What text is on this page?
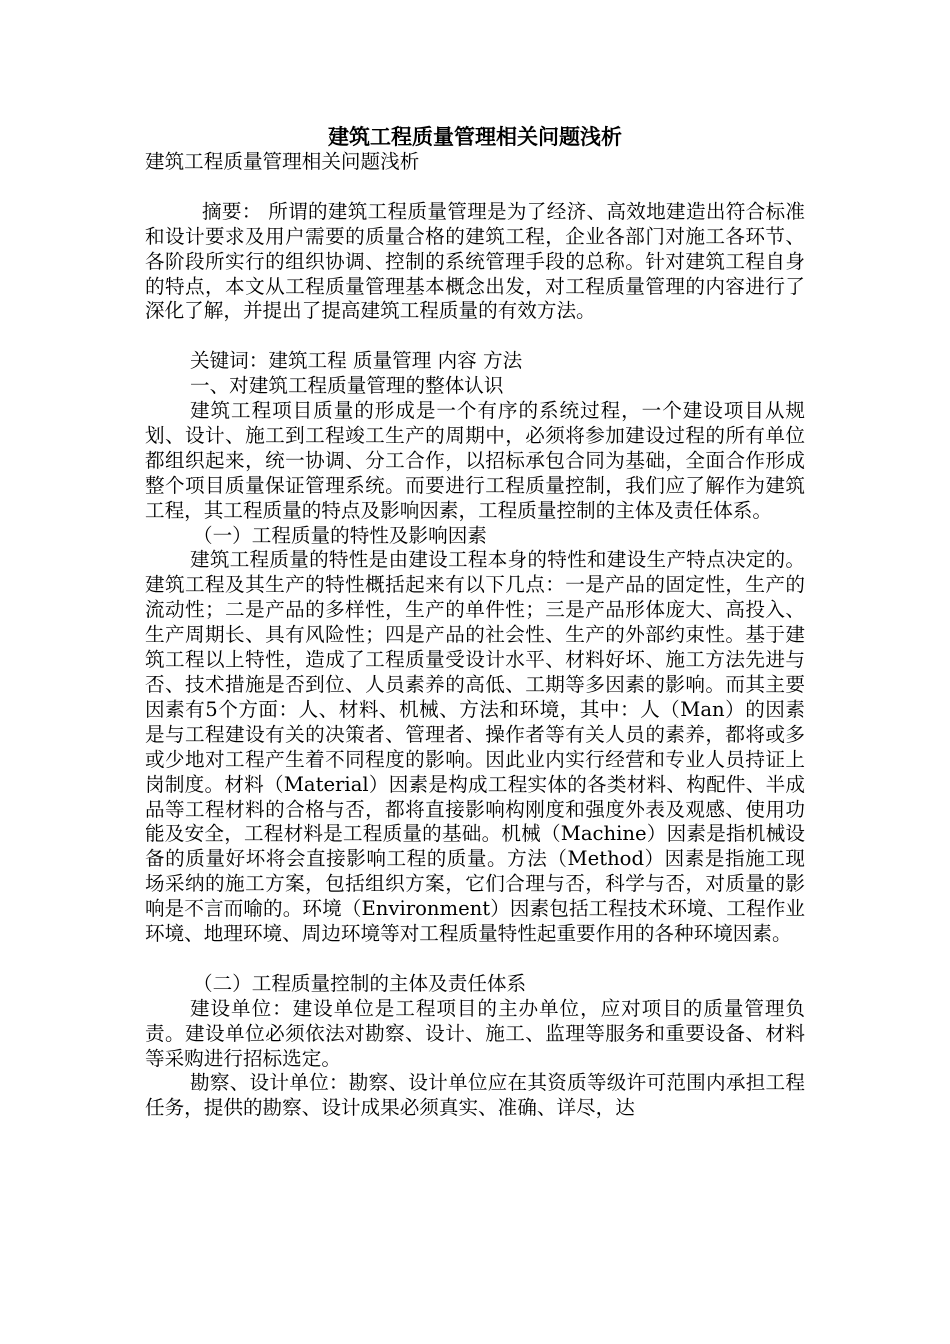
建筑工程质量管理相关问题浅析

建筑工程质量管理相关问题浅析

摘要： 所谓的建筑工程质量管理是为了经济、高效地建造出符合标准和设计要求及用户需要的质量合格的建筑工程，企业各部门对施工各环节、各阶段所实行的组织协调、控制的系统管理手段的总称。针对建筑工程自身的特点，本文从工程质量管理基本概念出发，对工程质量管理的内容进行了深化了解，并提出了提高建筑工程质量的有效方法。

关键词：建筑工程 质量管理 内容 方法

一、对建筑工程质量管理的整体认识

建筑工程项目质量的形成是一个有序的系统过程，一个建设项目从规划、设计、施工到工程竣工生产的周期中，必须将参加建设过程的所有单位都组织起来，统一协调、分工合作，以招标承包合同为基础，全面合作形成整个项目质量保证管理系统。而要进行工程质量控制，我们应了解作为建筑工程，其工程质量的特点及影响因素，工程质量控制的主体及责任体系。

（一）工程质量的特性及影响因素

建筑工程质量的特性是由建设工程本身的特性和建设生产特点决定的。建筑工程及其生产的特性概括起来有以下几点：一是产品的固定性，生产的流动性；二是产品的多样性，生产的单件性；三是产品形体庞大、高投入、生产周期长、具有风险性；四是产品的社会性、生产的外部约束性。基于建筑工程以上特性，造成了工程质量受设计水平、材料好坏、施工方法先进与否、技术措施是否到位、人员素养的高低、工期等多因素的影响。而其主要因素有5个方面：人、材料、机械、方法和环境，其中：人（Man）的因素是与工程建设有关的决策者、管理者、操作者等有关人员的素养，都将或多或少地对工程产生着不同程度的影响。因此业内实行经营和专业人员持证上岗制度。材料（Material）因素是构成工程实体的各类材料、构配件、半成品等工程材料的合格与否，都将直接影响构刚度和强度外表及观感、使用功能及安全，工程材料是工程质量的基础。机械（Machine）因素是指机械设备的质量好坏将会直接影响工程的质量。方法（Method）因素是指施工现场采纳的施工方案，包括组织方案，它们合理与否，科学与否，对质量的影响是不言而喻的。环境（Environment）因素包括工程技术环境、工程作业环境、地理环境、周边环境等对工程质量特性起重要作用的各种环境因素。

（二）工程质量控制的主体及责任体系

建设单位：建设单位是工程项目的主办单位，应对项目的质量管理负责。建设单位必须依法对勘察、设计、施工、监理等服务和重要设备、材料等采购进行招标选定。

勘察、设计单位：勘察、设计单位应在其资质等级许可范围内承担工程任务，提供的勘察、设计成果必须真实、准确、详尽，达
